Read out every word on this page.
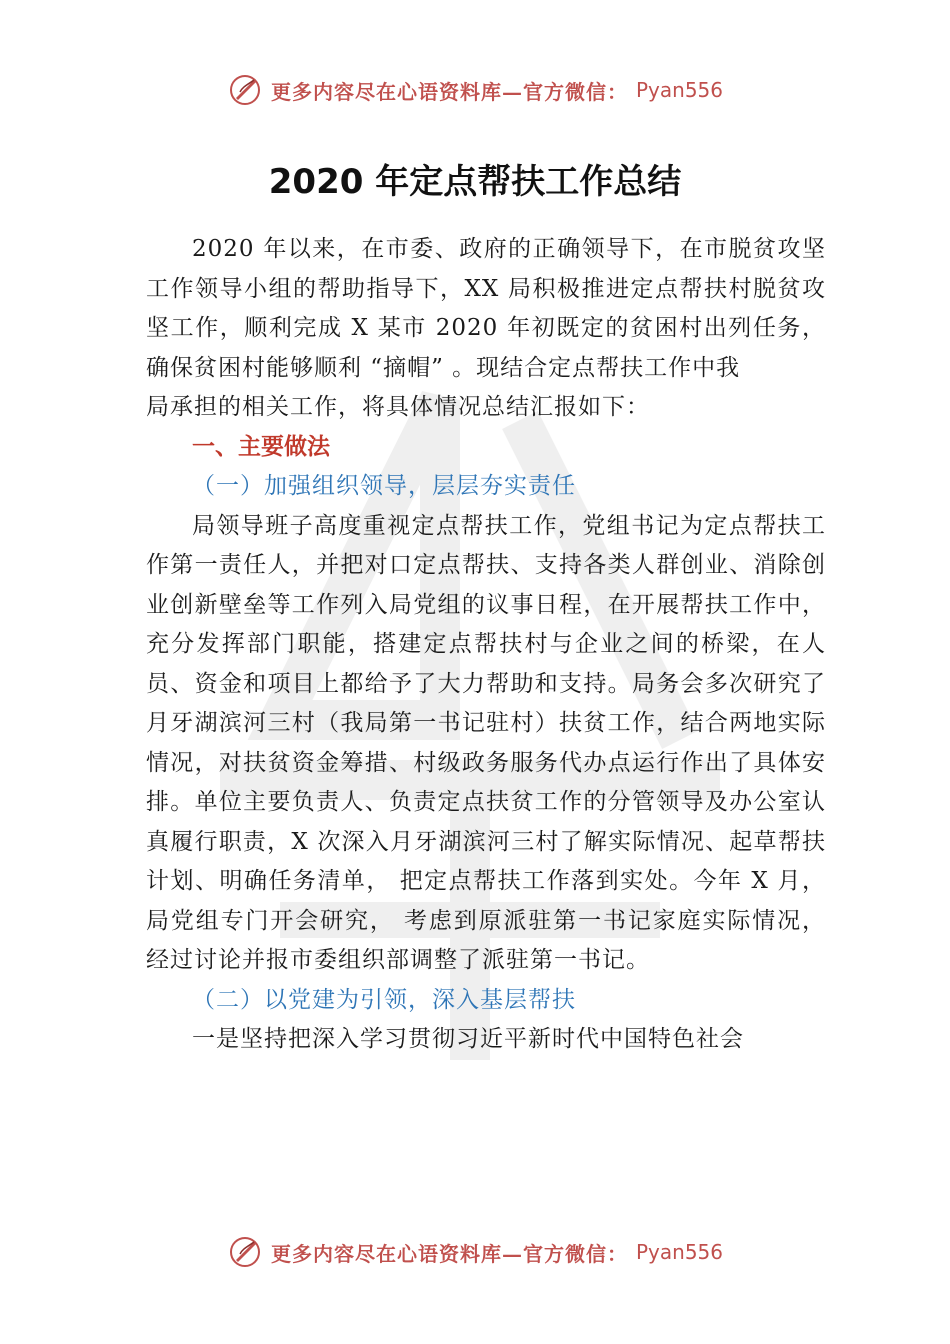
更多内容尽在心语资料库—官方微信： Pyan556
2020 年定点帮扶工作总结

2020 年以来，在市委、政府的正确领导下，在市脱贫攻坚工作领导小组的帮助指导下，XX 局积极推进定点帮扶村脱贫攻坚工作，顺利完成 X 某市 2020 年初既定的贫困村出列任务，确保贫困村能够顺利 “摘帽” 。现结合定点帮扶工作中我

局承担的相关工作，将具体情况总结汇报如下：

一、主要做法

（一）加强组织领导，层层夯实责任

局领导班子高度重视定点帮扶工作，党组书记为定点帮扶工作第一责任人，并把对口定点帮扶、支持各类人群创业、消除创业创新壁垒等工作列入局党组的议事日程，在开展帮扶工作中，充分发挥部门职能，搭建定点帮扶村与企业之间的桥梁，在人员、资金和项目上都给予了大力帮助和支持。局务会多次研究了月牙湖滨河三村（我局第一书记驻村）扶贫工作，结合两地实际情况，对扶贫资金筹措、村级政务服务代办点运行作出了具体安排。单位主要负责人、负责定点扶贫工作的分管领导及办公室认真履行职责，X 次深入月牙湖滨河三村了解实际情况、起草帮扶计划、明确任务清单， 把定点帮扶工作落到实处。今年 X 月，局党组专门开会研究， 考虑到原派驻第一书记家庭实际情况，经过讨论并报市委组织部调整了派驻第一书记。

（二）以党建为引领，深入基层帮扶

一是坚持把深入学习贯彻习近平新时代中国特色社会

更多内容尽在心语资料库—官方微信： Pyan556
